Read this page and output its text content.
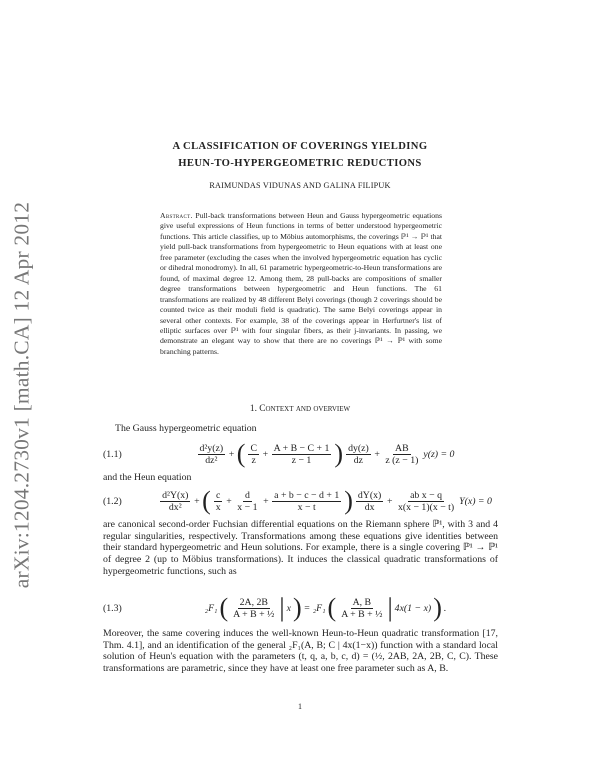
arXiv:1204.2730v1 [math.CA] 12 Apr 2012
A CLASSIFICATION OF COVERINGS YIELDING
HEUN-TO-HYPERGEOMETRIC REDUCTIONS
RAIMUNDAS VIDUNAS AND GALINA FILIPUK
Abstract. Pull-back transformations between Heun and Gauss hypergeometric equations give useful expressions of Heun functions in terms of better understood hypergeometric functions. This article classifies, up to Möbius automorphisms, the coverings ℙ¹ → ℙ¹ that yield pull-back transformations from hypergeometric to Heun equations with at least one free parameter (excluding the cases when the involved hypergeometric equation has cyclic or dihedral monodromy). In all, 61 parametric hypergeometric-to-Heun transformations are found, of maximal degree 12. Among them, 28 pull-backs are compositions of smaller degree transformations between hypergeometric and Heun functions. The 61 transformations are realized by 48 different Belyi coverings (though 2 coverings should be counted twice as their moduli field is quadratic). The same Belyi coverings appear in several other contexts. For example, 38 of the coverings appear in Herfurtner's list of elliptic surfaces over ℙ¹ with four singular fibers, as their j-invariants. In passing, we demonstrate an elegant way to show that there are no coverings ℙ¹ → ℙ¹ with some branching patterns.
1. Context and overview
The Gauss hypergeometric equation
(1.1)	$\frac{\text{d²y(z)}}{\text{dz²}}$ + ( $\frac{C}{z} + \frac{A + B - C + 1}{z - 1}$ ) $\frac{dy(z)}{dz} + \frac{AB}{z (z - 1)} y(z) = 0$
and the Heun equation
(1.2)	$\frac{\text{d²Y(x)}}{\text{dx²}}$ + ( $\frac{c}{x} + \frac{d}{x - 1} + \frac{a + b - c - d + 1}{x - t}$ ) $\frac{dY(x)}{dx} + \frac{\text{ab x − q}}{x(x - 1)(x - t)} Y(x) = 0$
are canonical second-order Fuchsian differential equations on the Riemann sphere ℙ¹, with 3 and 4 regular singularities, respectively. Transformations among these equations give identities between their standard hypergeometric and Heun solutions. For example, there is a single covering ℙ¹ → ℙ¹ of degree 2 (up to Möbius transformations). It induces the classical quadratic transformations of hypergeometric functions, such as
(1.3)	₂F₁ ( $\frac{2A, 2B}{\text{A + B + ½}}$ | x ) = ₂F₁ ( $\frac{A, B}{\text{A + B + ½}}$ | 4x(1 − x) ) .
Moreover, the same covering induces the well-known Heun-to-Heun quadratic transformation [17, Thm. 4.1], and an identification of the general ₂F₁(A, B; C | 4x(1−x)) function with a standard local solution of Heun's equation with the parameters (t, q, a, b, c, d) = (½, 2AB, 2A, 2B, C, C). These transformations are parametric, since they have at least one free parameter such as A, B.
1
